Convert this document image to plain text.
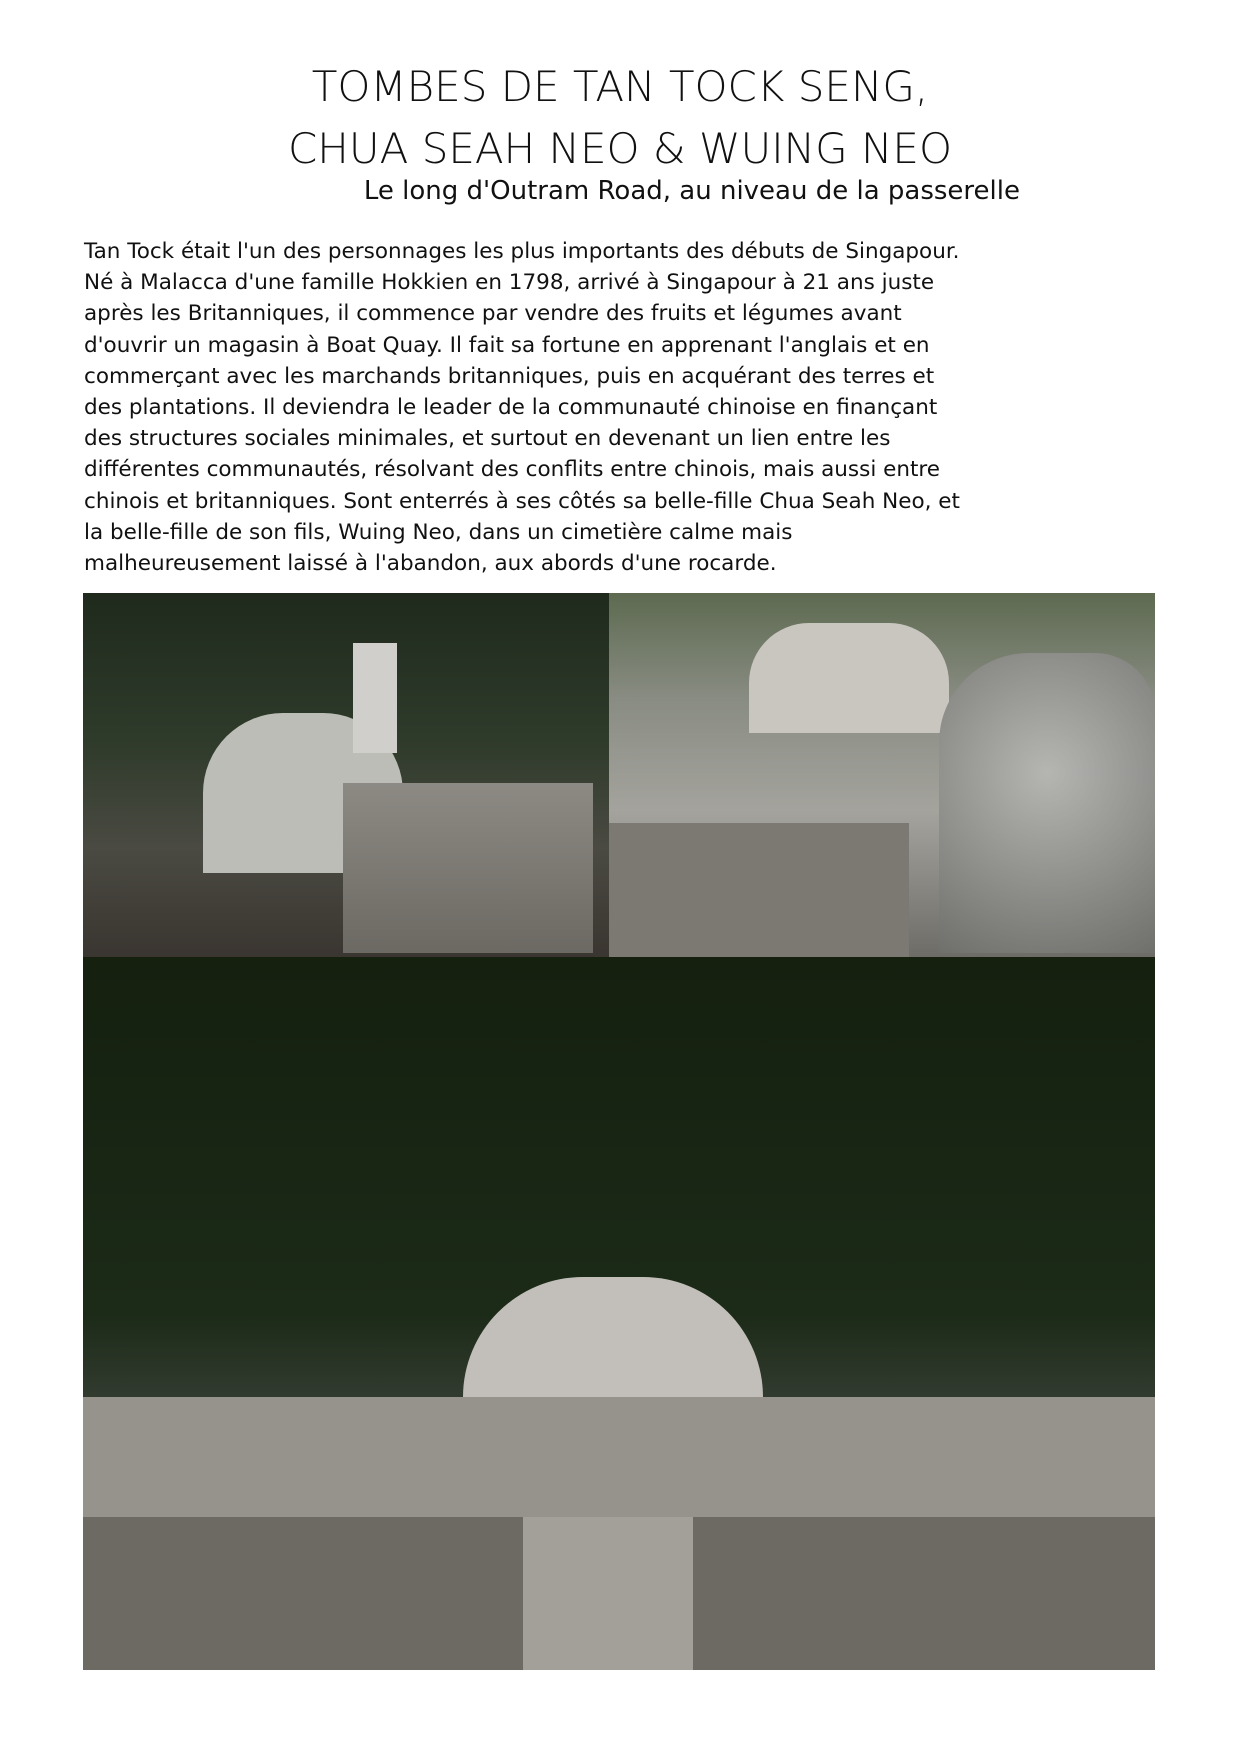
TOMBES DE TAN TOCK SENG,
CHUA SEAH NEO & WUING NEO
Le long d'Outram Road, au niveau de la passerelle
Tan Tock était l'un des personnages les plus importants des débuts de Singapour.
Né à Malacca d'une famille Hokkien en 1798, arrivé à Singapour à 21 ans juste
après les Britanniques, il commence par vendre des fruits et légumes avant
d'ouvrir un magasin à Boat Quay. Il fait sa fortune en apprenant l'anglais et en
commerçant avec les marchands britanniques, puis en acquérant des terres et
des plantations. Il deviendra le leader de la communauté chinoise en finançant
des structures sociales minimales, et surtout en devenant un lien entre les
différentes communautés, résolvant des conflits entre chinois, mais aussi entre
chinois et britanniques. Sont enterrés à ses côtés sa belle-fille Chua Seah Neo, et
la belle-fille de son fils, Wuing Neo, dans un cimetière calme mais
malheureusement laissé à l'abandon, aux abords d'une rocarde.
